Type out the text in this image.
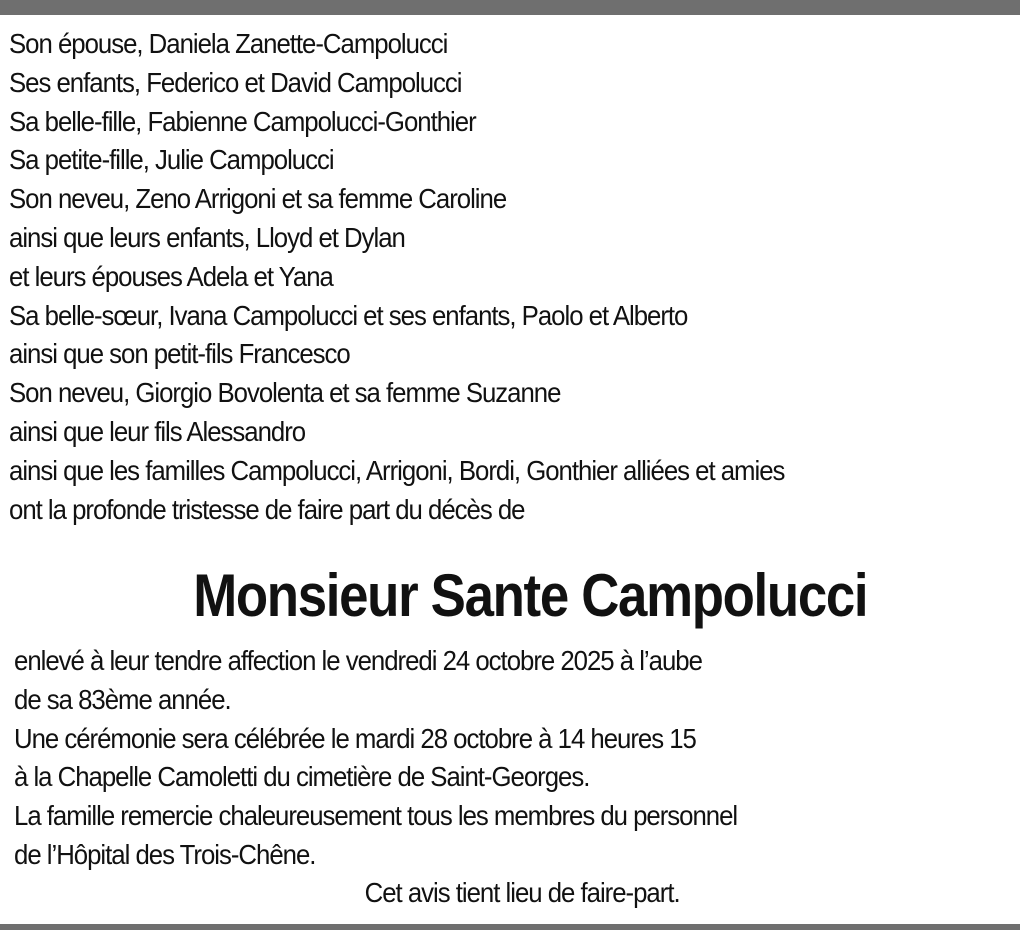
Son épouse, Daniela Zanette-Campolucci
Ses enfants, Federico et David Campolucci
Sa belle-fille, Fabienne Campolucci-Gonthier
Sa petite-fille, Julie Campolucci
Son neveu, Zeno Arrigoni et sa femme Caroline
ainsi que leurs enfants, Lloyd et Dylan
et leurs épouses Adela et Yana
Sa belle-sœur, Ivana Campolucci et ses enfants, Paolo et Alberto
ainsi que son petit-fils Francesco
Son neveu, Giorgio Bovolenta et sa femme Suzanne
ainsi que leur fils Alessandro
ainsi que les familles Campolucci, Arrigoni, Bordi, Gonthier alliées et amies
ont la profonde tristesse de faire part du décès de
Monsieur Sante Campolucci
enlevé à leur tendre affection le vendredi 24 octobre 2025 à l’aube
de sa 83ème année.
Une cérémonie sera célébrée le mardi 28 octobre à 14 heures 15
à la Chapelle Camoletti du cimetière de Saint-Georges.
La famille remercie chaleureusement tous les membres du personnel
de l’Hôpital des Trois-Chêne.
Cet avis tient lieu de faire-part.
